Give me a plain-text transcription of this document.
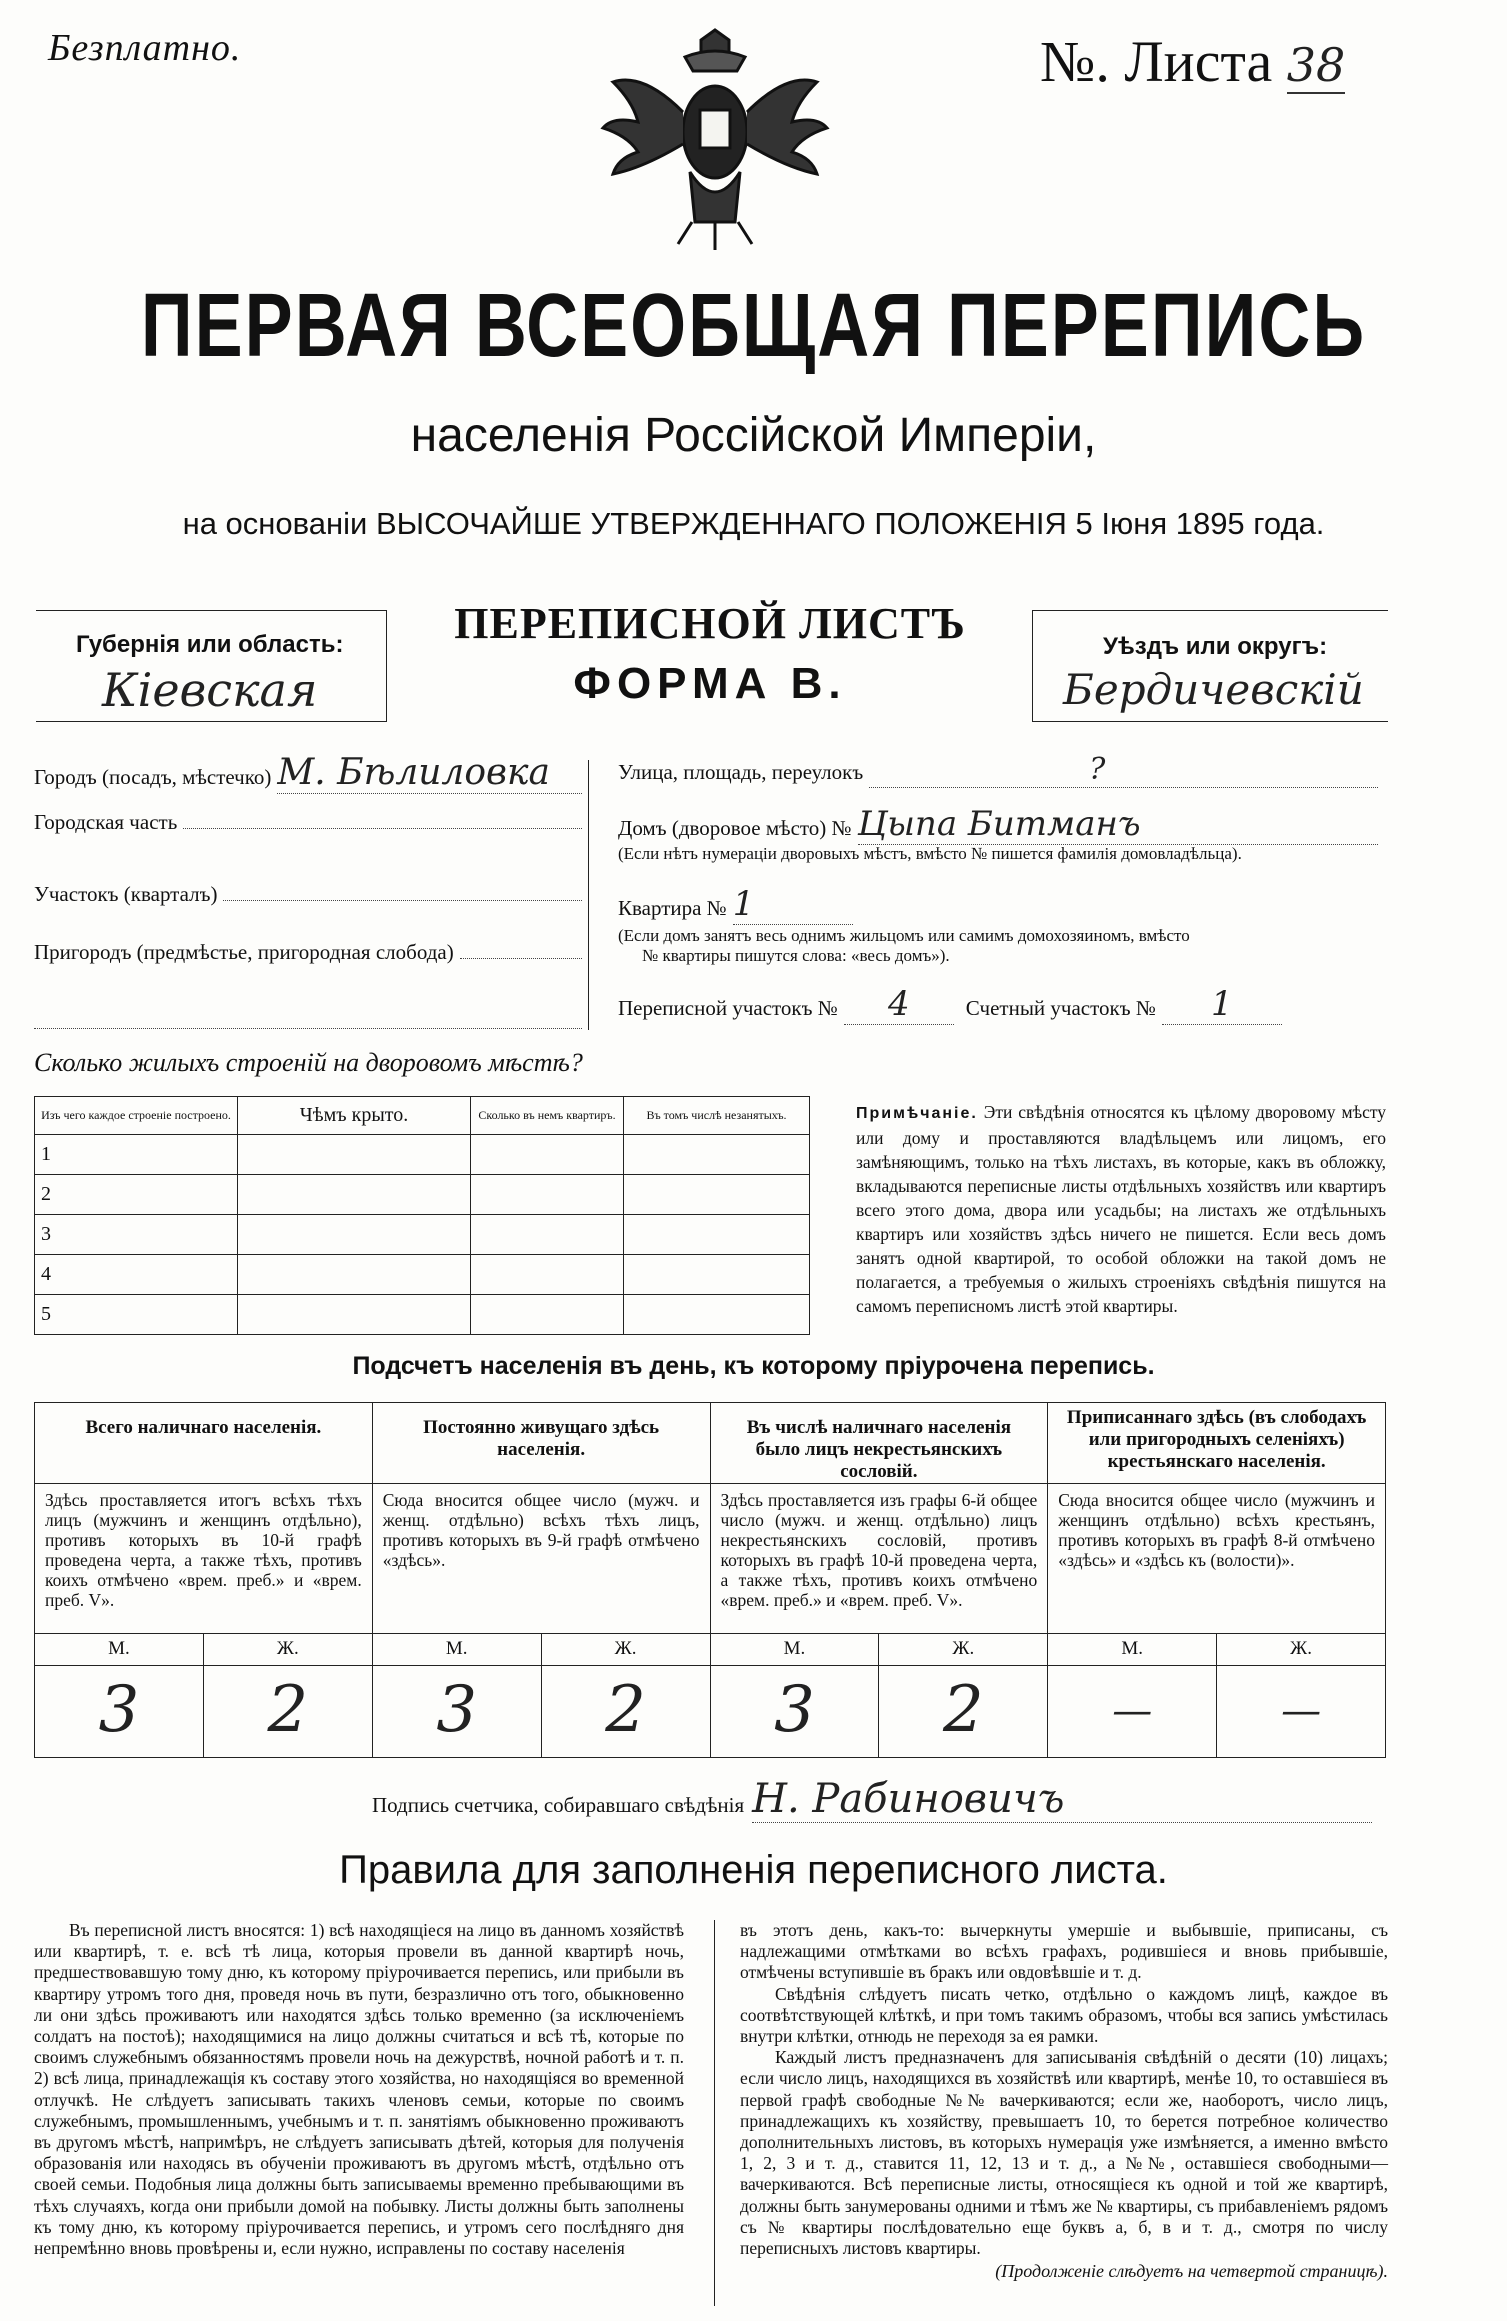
Безплатно.	№. Листа 38
ПЕРВАЯ ВСЕОБЩАЯ ПЕРЕПИСЬ
населенія Россійской Имперіи,
на основаніи ВЫСОЧАЙШЕ УТВЕРЖДЕННАГО ПОЛОЖЕНІЯ 5 Іюня 1895 года.
Губернія или область:
Кіевская
ПЕРЕПИСНОЙ ЛИСТЪ
ФОРМА В.
Уѣздъ или округъ:
Бердичевскій
Городъ (посадъ, мѣстечко) М. Бѣлиловка
Городская часть
Участокъ (кварталъ)
Пригородъ (предмѣстье, пригородная слобода)
Улица, площадь, переулокъ	?
Домъ (дворовое мѣсто) № Цыпа Битманъ
(Если нѣтъ нумераціи дворовыхъ мѣстъ, вмѣсто № пишется фамилія домовладѣльца).
Квартира № 1
(Если домъ занятъ весь однимъ жильцомъ или самимъ домохозяиномъ, вмѣсто
№ квартиры пишутся слова: «весь домъ»).
Переписной участокъ №	4	Счетный участокъ №	1
Сколько жилыхъ строеній на дворовомъ мѣстѣ?
Изъ чего каждое строеніе построено.	Чѣмъ крыто.	Сколько въ немъ квартиръ.	Въ томъ числѣ незанятыхъ.
1			
2			
3			
4			
5			
Примѣчаніе. Эти свѣдѣнія относятся къ цѣлому дворовому мѣсту или дому и проставляются владѣльцемъ или лицомъ, его замѣняющимъ, только на тѣхъ листахъ, въ которые, какъ въ обложку, вкладываются переписные листы отдѣльныхъ хозяйствъ или квартиръ всего этого дома, двора или усадьбы; на листахъ же отдѣльныхъ квартиръ или хозяйствъ здѣсь ничего не пишется. Если весь домъ занятъ одной квартирой, то особой обложки на такой домъ не полагается, а требуемыя о жилыхъ строеніяхъ свѣдѣнія пишутся на самомъ переписномъ листѣ этой квартиры.
Подсчетъ населенія въ день, къ которому пріурочена перепись.
Всего наличнаго населенія.		Постоянно живущаго здѣсь населенія.		Въ числѣ наличнаго населенія было лицъ некрестьянскихъ сословій.		Приписаннаго здѣсь (въ слободахъ или пригородныхъ селеніяхъ) крестьянскаго населенія.	
Здѣсь проставляется итогъ всѣхъ тѣхъ лицъ (мужчинъ и женщинъ отдѣльно), противъ которыхъ въ 10-й графѣ проведена черта, а также тѣхъ, противъ коихъ отмѣчено «врем. преб.» и «врем. преб. V».		Сюда вносится общее число (мужч. и женщ. отдѣльно) всѣхъ тѣхъ лицъ, противъ которыхъ въ 9-й графѣ отмѣчено «здѣсь».		Здѣсь проставляется изъ графы 6-й общее число (мужч. и женщ. отдѣльно) лицъ некрестьянскихъ сословій, противъ которыхъ въ графѣ 10-й проведена черта, а также тѣхъ, противъ коихъ отмѣчено «врем. преб.» и «врем. преб. V».		Сюда вносится общее число (мужчинъ и женщинъ отдѣльно) всѣхъ крестьянъ, противъ которыхъ въ графѣ 8-й отмѣчено «здѣсь» и «здѣсь къ (волости)».	
М.	Ж.	М.	Ж.	М.	Ж.	М.	Ж.
3	2	3	2	3	2	—	—
Подпись счетчика, собиравшаго свѣдѣнія Н. Рабиновичъ
Правила для заполненія переписного листа.
Въ переписной листъ вносятся: 1) всѣ находящіеся на лицо въ данномъ хозяйствѣ или квартирѣ, т. е. всѣ тѣ лица, которыя провели въ данной квартирѣ ночь, предшествовавшую тому дню, къ которому пріурочивается перепись, или прибыли въ квартиру утромъ того дня, проведя ночь въ пути, безразлично отъ того, обыкновенно ли они здѣсь проживаютъ или находятся здѣсь только временно (за исключеніемъ солдатъ на постоѣ); находящимися на лицо должны считаться и всѣ тѣ, которые по своимъ служебнымъ обязанностямъ провели ночь на дежурствѣ, ночной работѣ и т. п. 2) всѣ лица, принадлежащія къ составу этого хозяйства, но находящіяся во временной отлучкѣ. Не слѣдуетъ записывать такихъ членовъ семьи, которые по своимъ служебнымъ, промышленнымъ, учебнымъ и т. п. занятіямъ обыкновенно проживаютъ въ другомъ мѣстѣ, напримѣръ, не слѣдуетъ записывать дѣтей, которыя для полученія образованія или находясь въ обученіи проживаютъ въ другомъ мѣстѣ, отдѣльно отъ своей семьи. Подобныя лица должны быть записываемы временно пребывающими въ тѣхъ случаяхъ, когда они прибыли домой на побывку. Листы должны быть заполнены къ тому дню, къ которому пріурочивается перепись, и утромъ сего послѣдняго дня непремѣнно вновь провѣрены и, если нужно, исправлены по составу населенія
въ этотъ день, какъ-то: вычеркнуты умершіе и выбывшіе, приписаны, съ надлежащими отмѣтками во всѣхъ графахъ, родившіеся и вновь прибывшіе, отмѣчены вступившіе въ бракъ или овдовѣвшіе и т. д.
Свѣдѣнія слѣдуетъ писать четко, отдѣльно о каждомъ лицѣ, каждое въ соотвѣтствующей клѣткѣ, и при томъ такимъ образомъ, чтобы вся запись умѣстилась внутри клѣтки, отнюдь не переходя за ея рамки.
Каждый листъ предназначенъ для записыванія свѣдѣній о десяти (10) лицахъ; если число лицъ, находящихся въ хозяйствѣ или квартирѣ, менѣе 10, то оставшіеся въ первой графѣ свободные №№ вачеркиваются; если же, наоборотъ, число лицъ, принадлежащихъ къ хозяйству, превышаетъ 10, то берется потребное количество дополнительныхъ листовъ, въ которыхъ нумерація уже измѣняется, а именно вмѣсто 1, 2, 3 и т. д., ставится 11, 12, 13 и т. д., а №№, оставшіеся свободными—вачеркиваются. Всѣ переписные листы, относящіеся къ одной и той же квартирѣ, должны быть занумерованы одними и тѣмъ же № квартиры, съ прибавленіемъ рядомъ съ № квартиры послѣдовательно еще буквъ а, б, в и т. д., смотря по числу переписныхъ листовъ квартиры.
(Продолженіе слѣдуетъ на четвертой страницѣ).
